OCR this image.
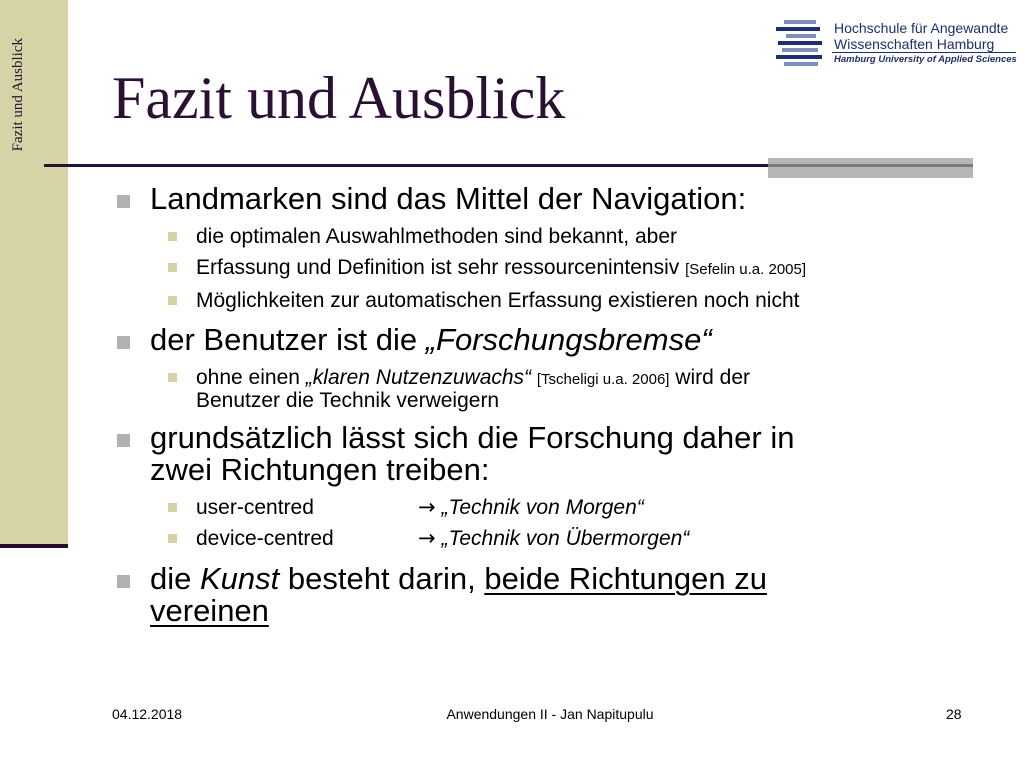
Fazit und Ausblick
Hochschule für Angewandte
Wissenschaften Hamburg
Hamburg University of Applied Sciences
Fazit und Ausblick
Landmarken sind das Mittel der Navigation:
die optimalen Auswahlmethoden sind bekannt, aber
Erfassung und Definition ist sehr ressourcenintensiv [Sefelin u.a. 2005]
Möglichkeiten zur automatischen Erfassung existieren noch nicht
der Benutzer ist die „Forschungsbremse“
ohne einen „klaren Nutzenzuwachs“ [Tscheligi u.a. 2006] wird der
Benutzer die Technik verweigern
grundsätzlich lässt sich die Forschung daher in
zwei Richtungen treiben:
user-centred	→ „Technik von Morgen“
device-centred	→ „Technik von Übermorgen“
die Kunst besteht darin, beide Richtungen zu
vereinen
04.12.2018	Anwendungen II - Jan Napitupulu	28
